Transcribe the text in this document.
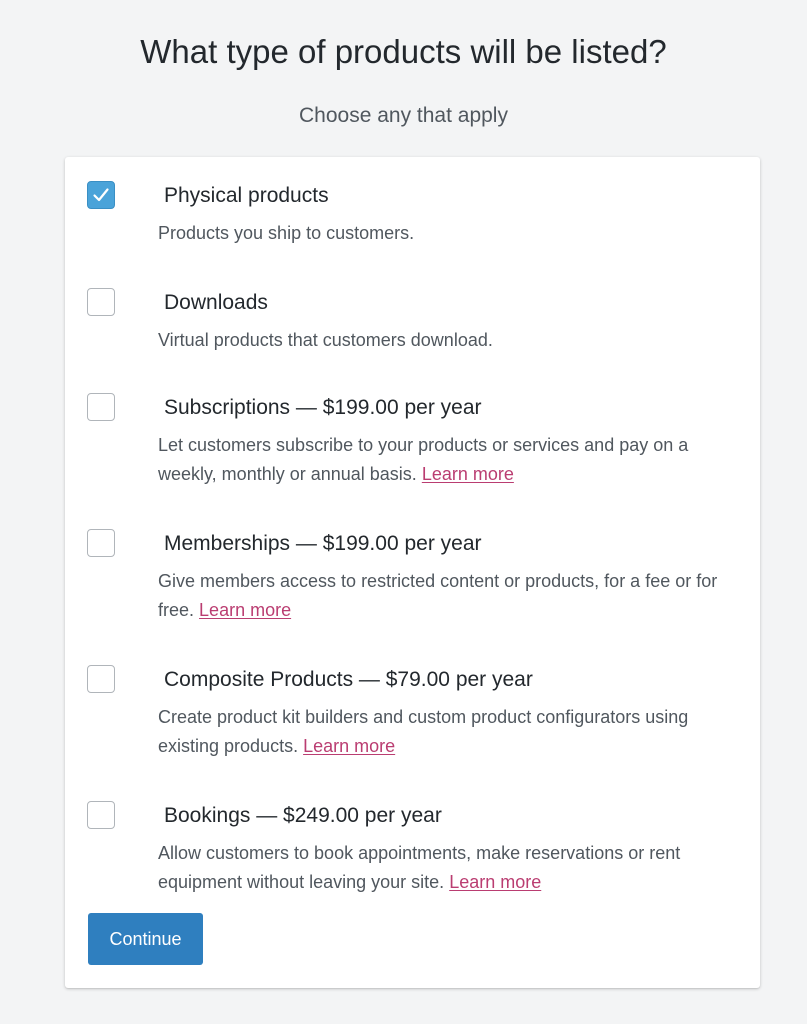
What type of products will be listed?

Choose any that apply

Physical products
Products you ship to customers.
Downloads
Virtual products that customers download.
Subscriptions — $199.00 per year
Let customers subscribe to your products or services and pay on a weekly, monthly or annual basis. Learn more
Memberships — $199.00 per year
Give members access to restricted content or products, for a fee or for free. Learn more
Composite Products — $79.00 per year
Create product kit builders and custom product configurators using existing products. Learn more
Bookings — $249.00 per year
Allow customers to book appointments, make reservations or rent equipment without leaving your site. Learn more
Continue
